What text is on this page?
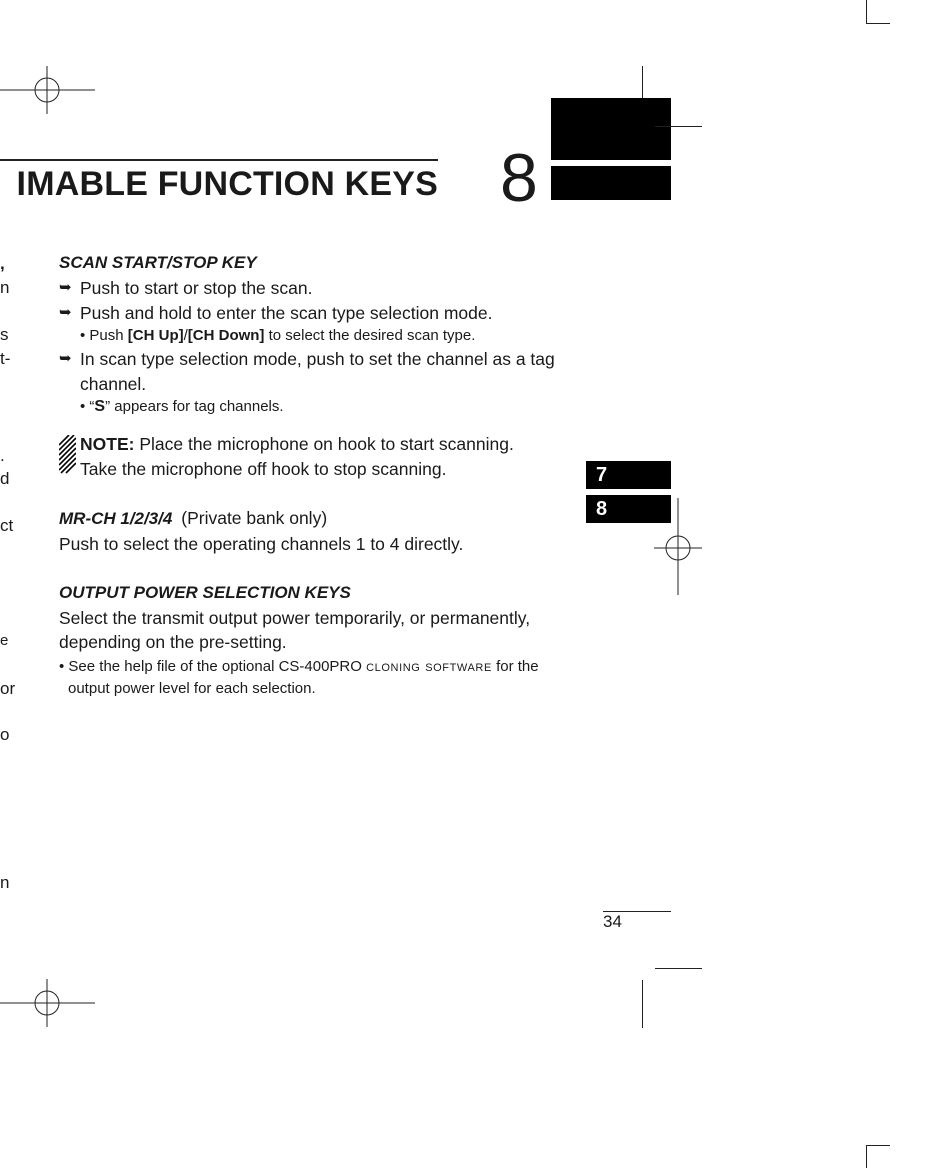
IMABLE FUNCTION KEYS 8
7
8
,
n
s
t-
.
d
ct
e
or
o
n

SCAN START/STOP KEY

➥ Push to start or stop the scan.
➥ Push and hold to enter the scan type selection mode.
• Push [CH Up]/[CH Down] to select the desired scan type.
➥ In scan type selection mode, push to set the channel as a tag channel.
• “S” appears for tag channels.
NOTE: Place the microphone on hook to start scanning.
Take the microphone off hook to stop scanning.
MR-CH 1/2/3/4 (Private bank only)

Push to select the operating channels 1 to 4 directly.

OUTPUT POWER SELECTION KEYS

Select the transmit output power temporarily, or permanently, depending on the pre-setting.

• See the help file of the optional CS-400PRO cloning software for the output power level for each selection.
34
